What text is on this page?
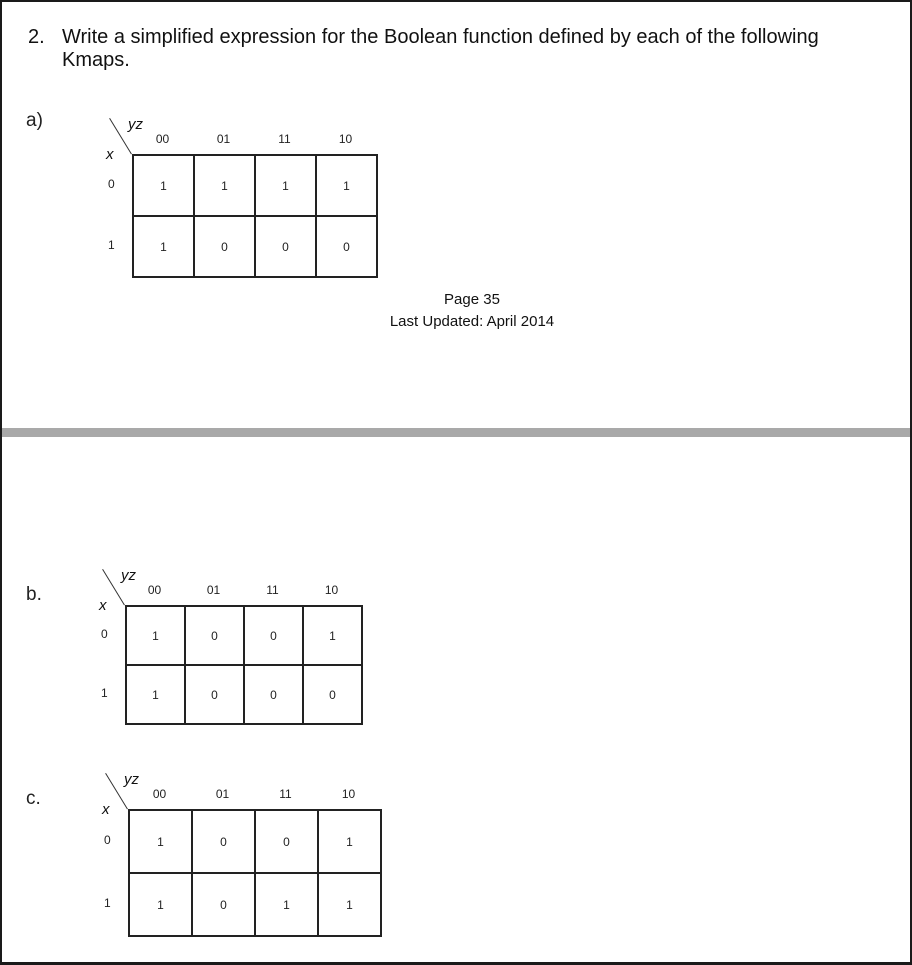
2. Write a simplified expression for the Boolean function defined by each of the following
Kmaps.
a)	yz
x
00	01	11	10
0
1
1	1	1	1
1	0	0	0
Page 35
Last Updated: April 2014
b.
yz
x
00	01	11	10
0
1
1	0	0	1
1	0	0	0
c.
yz
x
00	01	11	10
0
1
1	0	0	1
1	0	1	1
